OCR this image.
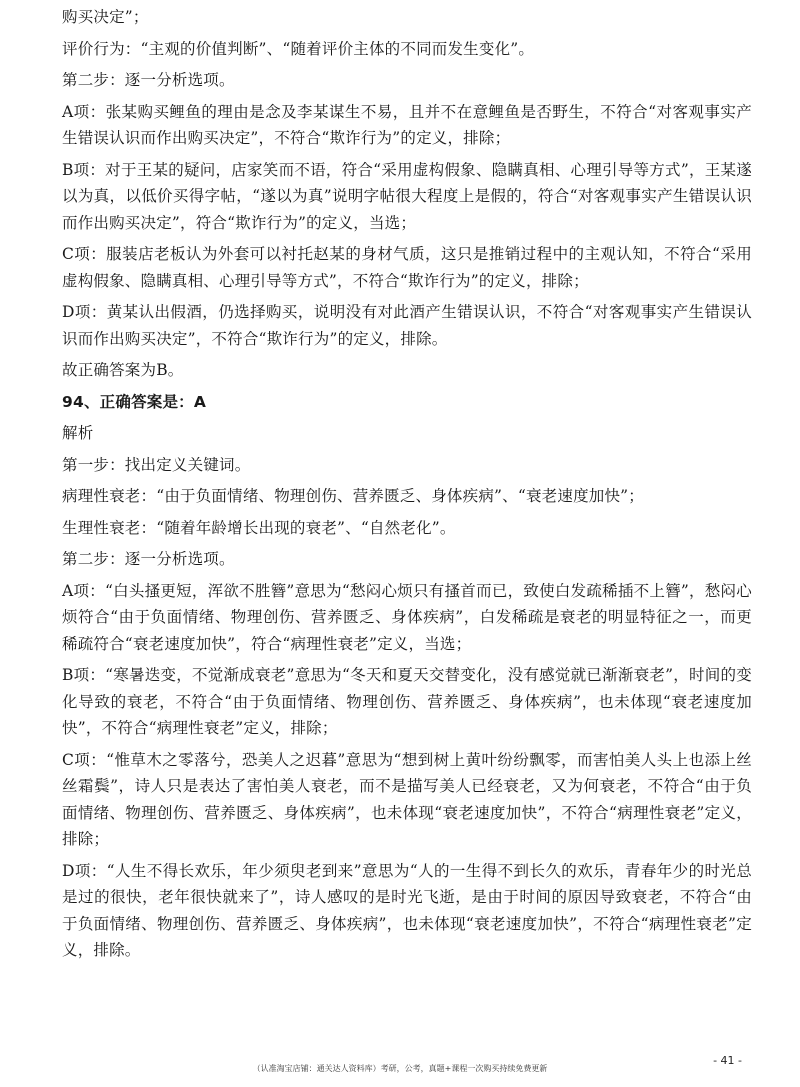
购买决定”；

评价行为：“主观的价值判断”、“随着评价主体的不同而发生变化”。

第二步：逐一分析选项。

A项：张某购买鲤鱼的理由是念及李某谋生不易，且并不在意鲤鱼是否野生，不符合“对客观事实产生错误认识而作出购买决定”，不符合“欺诈行为”的定义，排除；

B项：对于王某的疑问，店家笑而不语，符合“采用虚构假象、隐瞒真相、心理引导等方式”，王某遂以为真，以低价买得字帖，“遂以为真”说明字帖很大程度上是假的，符合“对客观事实产生错误认识而作出购买决定”，符合“欺诈行为”的定义，当选；

C项：服装店老板认为外套可以衬托赵某的身材气质，这只是推销过程中的主观认知，不符合“采用虚构假象、隐瞒真相、心理引导等方式”，不符合“欺诈行为”的定义，排除；

D项：黄某认出假酒，仍选择购买，说明没有对此酒产生错误认识，不符合“对客观事实产生错误认识而作出购买决定”，不符合“欺诈行为”的定义，排除。

故正确答案为B。

94、正确答案是：A

解析

第一步：找出定义关键词。

病理性衰老：“由于负面情绪、物理创伤、营养匮乏、身体疾病”、“衰老速度加快”；

生理性衰老：“随着年龄增长出现的衰老”、“自然老化”。

第二步：逐一分析选项。

A项：“白头搔更短，浑欲不胜簪”意思为“愁闷心烦只有搔首而已，致使白发疏稀插不上簪”，愁闷心烦符合“由于负面情绪、物理创伤、营养匮乏、身体疾病”，白发稀疏是衰老的明显特征之一，而更稀疏符合“衰老速度加快”，符合“病理性衰老”定义，当选；

B项：“寒暑迭变，不觉渐成衰老”意思为“冬天和夏天交替变化，没有感觉就已渐渐衰老”，时间的变化导致的衰老，不符合“由于负面情绪、物理创伤、营养匮乏、身体疾病”，也未体现“衰老速度加快”，不符合“病理性衰老”定义，排除；

C项：“惟草木之零落兮，恐美人之迟暮”意思为“想到树上黄叶纷纷飘零，而害怕美人头上也添上丝丝霜鬓”，诗人只是表达了害怕美人衰老，而不是描写美人已经衰老，又为何衰老，不符合“由于负面情绪、物理创伤、营养匮乏、身体疾病”，也未体现“衰老速度加快”，不符合“病理性衰老”定义，排除；

D项：“人生不得长欢乐，年少须臾老到来”意思为“人的一生得不到长久的欢乐，青春年少的时光总是过的很快，老年很快就来了”，诗人感叹的是时光飞逝，是由于时间的原因导致衰老，不符合“由于负面情绪、物理创伤、营养匮乏、身体疾病”，也未体现“衰老速度加快”，不符合“病理性衰老”定义，排除。

- 41 -
（认准淘宝店铺：通关达人资料库）考研，公考，真题+课程一次购买持续免费更新
